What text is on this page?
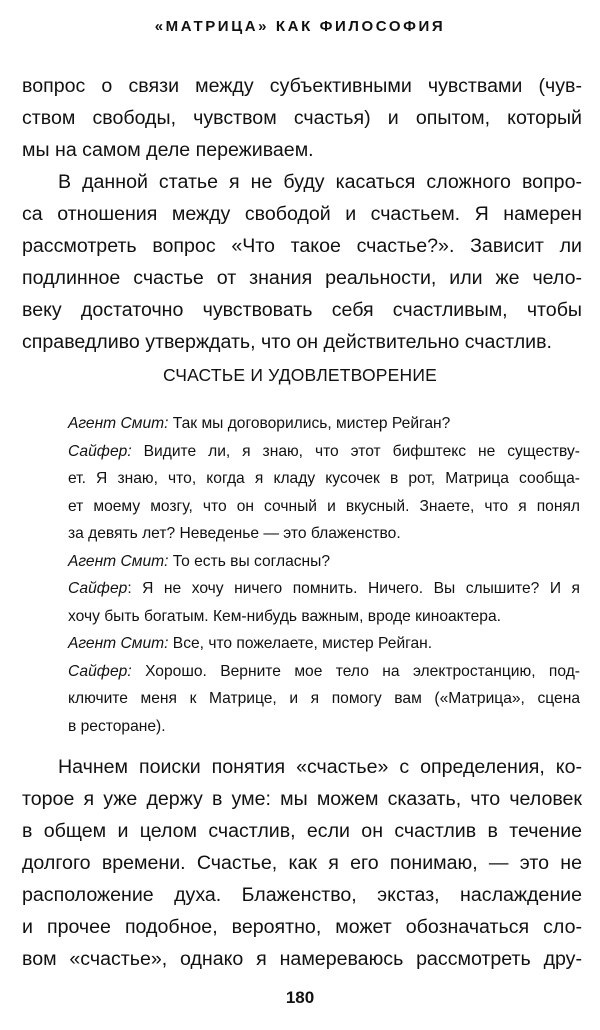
«МАТРИЦА» КАК ФИЛОСОФИЯ
вопрос о связи между субъективными чувствами (чув-
ством свободы, чувством счастья) и опытом, который
мы на самом деле переживаем.
В данной статье я не буду касаться сложного вопро-
са отношения между свободой и счастьем. Я намерен
рассмотреть вопрос «Что такое счастье?». Зависит ли
подлинное счастье от знания реальности, или же чело-
веку достаточно чувствовать себя счастливым, чтобы
справедливо утверждать, что он действительно счастлив.
СЧАСТЬЕ И УДОВЛЕТВОРЕНИЕ
Агент Смит: Так мы договорились, мистер Рейган?
Сайфер: Видите ли, я знаю, что этот бифштекс не существу-
ет. Я знаю, что, когда я кладу кусочек в рот, Матрица сообща-
ет моему мозгу, что он сочный и вкусный. Знаете, что я понял
за девять лет? Неведенье — это блаженство.
Агент Смит: То есть вы согласны?
Сайфер: Я не хочу ничего помнить. Ничего. Вы слышите? И я
хочу быть богатым. Кем-нибудь важным, вроде киноактера.
Агент Смит: Все, что пожелаете, мистер Рейган.
Сайфер: Хорошо. Верните мое тело на электростанцию, под-
ключите меня к Матрице, и я помогу вам («Матрица», сцена
в ресторане).
Начнем поиски понятия «счастье» с определения, ко-
торое я уже держу в уме: мы можем сказать, что человек
в общем и целом счастлив, если он счастлив в течение
долгого времени. Счастье, как я его понимаю, — это не
расположение духа. Блаженство, экстаз, наслаждение
и прочее подобное, вероятно, может обозначаться сло-
вом «счастье», однако я намереваюсь рассмотреть дру-
180
